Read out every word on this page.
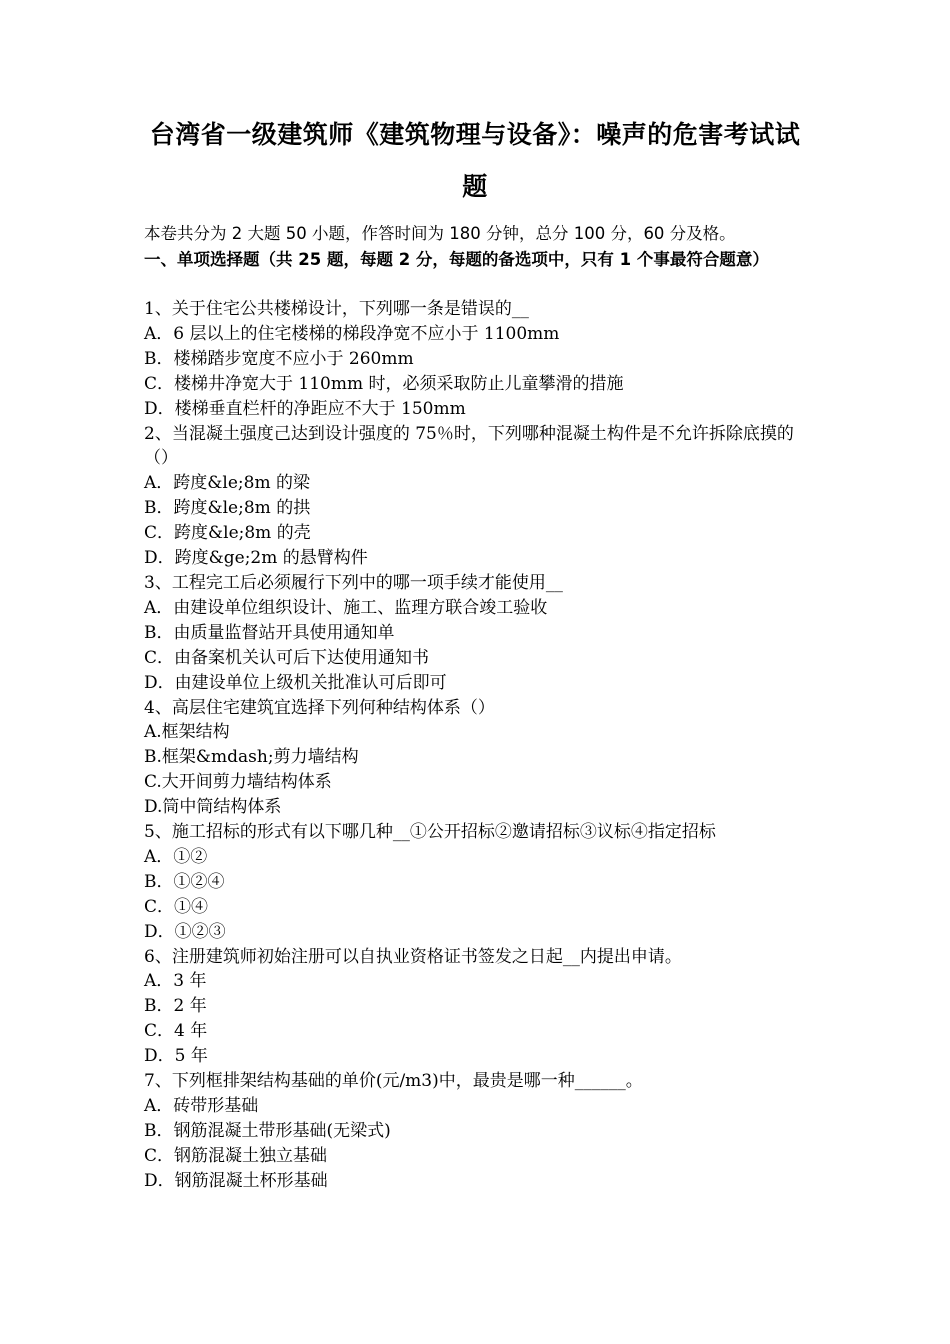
台湾省一级建筑师《建筑物理与设备》：噪声的危害考试试
题
本卷共分为 2 大题 50 小题，作答时间为 180 分钟，总分 100 分，60 分及格。
一、单项选择题（共 25 题，每题 2 分，每题的备选项中，只有 1 个事最符合题意）

1、关于住宅公共楼梯设计，下列哪一条是错误的__

A．6 层以上的住宅楼梯的梯段净宽不应小于 1100mm

B．楼梯踏步宽度不应小于 260mm

C．楼梯井净宽大于 110mm 时，必须采取防止儿童攀滑的措施

D．楼梯垂直栏杆的净距应不大于 150mm

2、当混凝土强度己达到设计强度的 75％时，下列哪种混凝土构件是不允许拆除底摸的（）

A．跨度&le;8m 的梁

B．跨度&le;8m 的拱

C．跨度&le;8m 的壳

D．跨度&ge;2m 的悬臂构件

3、工程完工后必须履行下列中的哪一项手续才能使用__

A．由建设单位组织设计、施工、监理方联合竣工验收

B．由质量监督站开具使用通知单

C．由备案机关认可后下达使用通知书

D．由建设单位上级机关批准认可后即可

4、高层住宅建筑宜选择下列何种结构体系（）

A.框架结构

B.框架&mdash;剪力墙结构

C.大开间剪力墙结构体系

D.筒中筒结构体系

5、施工招标的形式有以下哪几种__①公开招标②邀请招标③议标④指定招标

A．①②

B．①②④

C．①④

D．①②③

6、注册建筑师初始注册可以自执业资格证书签发之日起__内提出申请。

A．3 年

B．2 年

C．4 年

D．5 年

7、下列框排架结构基础的单价(元/m3)中，最贵是哪一种______。

A．砖带形基础

B．钢筋混凝土带形基础(无梁式)

C．钢筋混凝土独立基础

D．钢筋混凝土杯形基础
